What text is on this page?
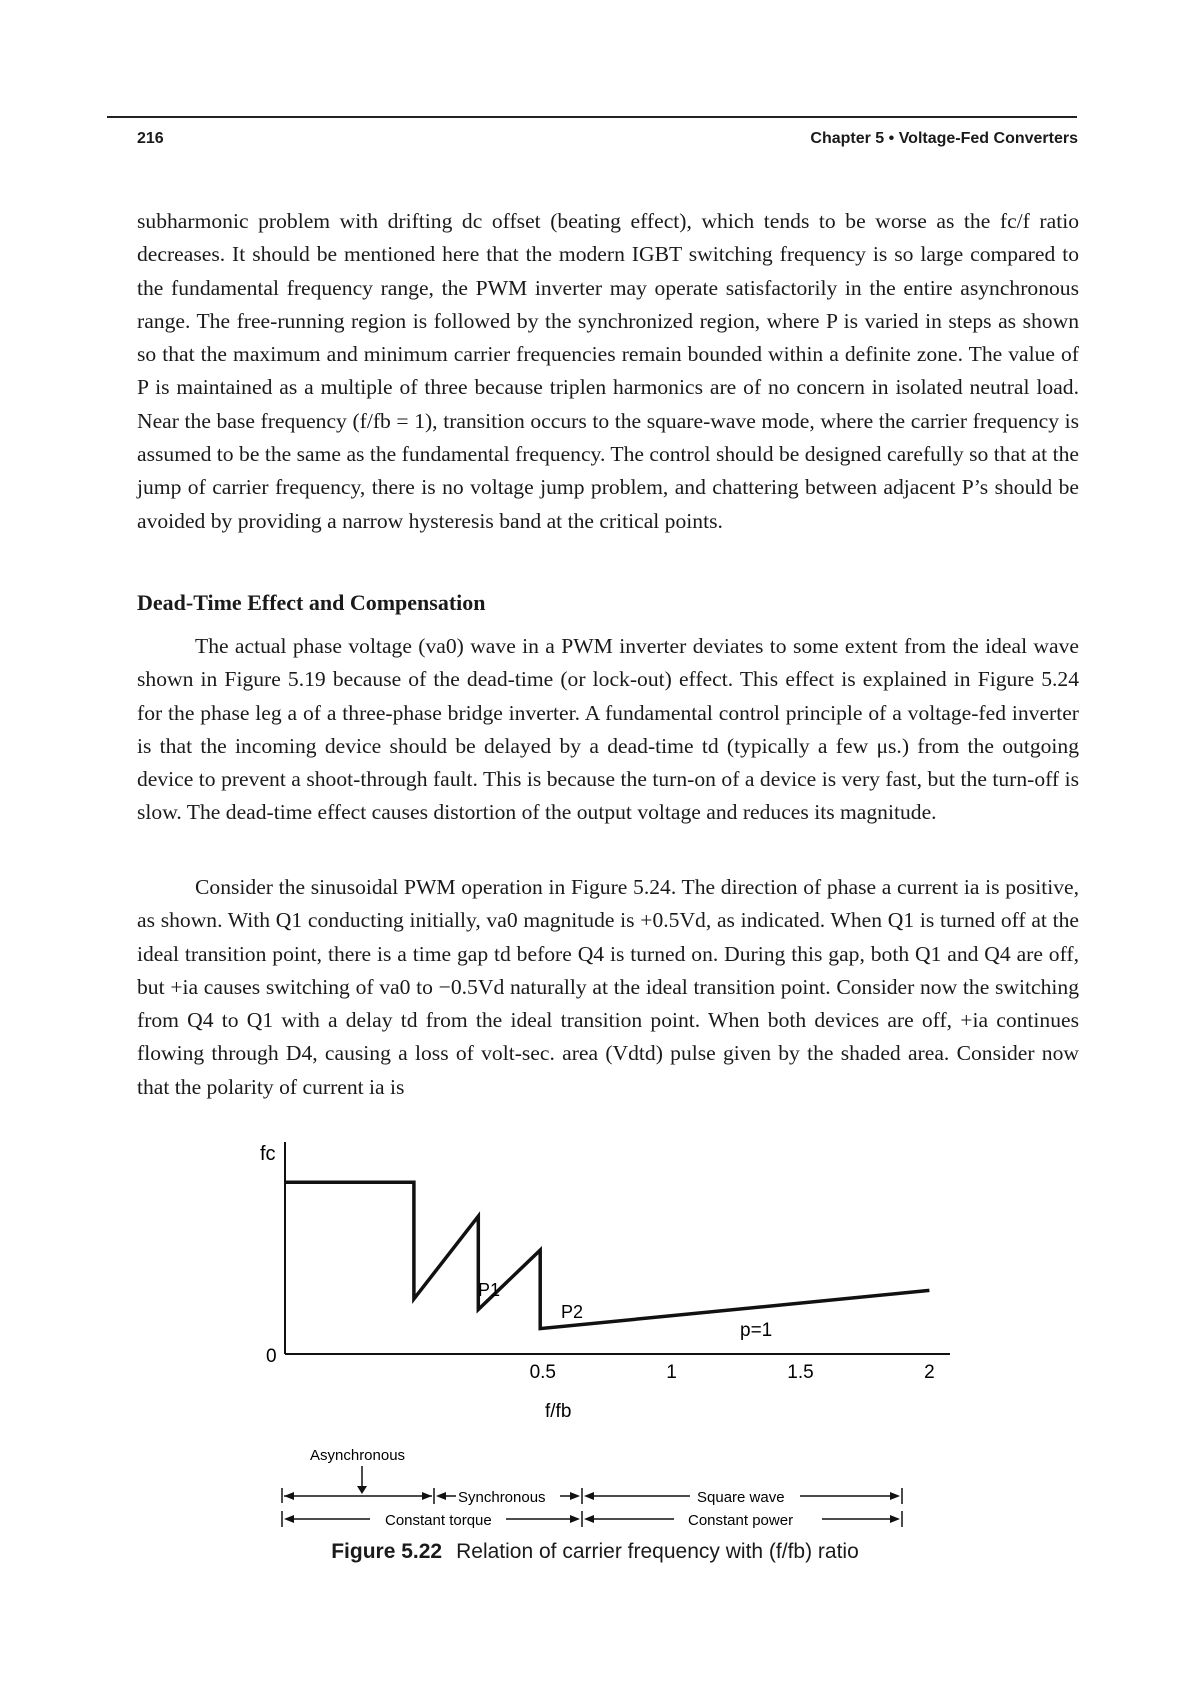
216	Chapter 5 • Voltage-Fed Converters

subharmonic problem with drifting dc offset (beating effect), which tends to be worse as the fc/f ratio decreases. It should be mentioned here that the modern IGBT switching frequency is so large compared to the fundamental frequency range, the PWM inverter may operate satisfactorily in the entire asynchronous range. The free-running region is followed by the synchronized region, where P is varied in steps as shown so that the maximum and minimum carrier frequencies remain bounded within a definite zone. The value of P is maintained as a multiple of three because triplen harmonics are of no concern in isolated neutral load. Near the base frequency (f/fb = 1), transition occurs to the square-wave mode, where the carrier frequency is assumed to be the same as the fundamental frequency. The control should be designed carefully so that at the jump of carrier frequency, there is no voltage jump problem, and chattering between adjacent P’s should be avoided by providing a narrow hysteresis band at the critical points.

Dead-Time Effect and Compensation

The actual phase voltage (va0) wave in a PWM inverter deviates to some extent from the ideal wave shown in Figure 5.19 because of the dead-time (or lock-out) effect. This effect is explained in Figure 5.24 for the phase leg a of a three-phase bridge inverter. A fundamental control principle of a voltage-fed inverter is that the incoming device should be delayed by a dead-time td (typically a few μs.) from the outgoing device to prevent a shoot-through fault. This is because the turn-on of a device is very fast, but the turn-off is slow. The dead-time effect causes distortion of the output voltage and reduces its magnitude.

Consider the sinusoidal PWM operation in Figure 5.24. The direction of phase a current ia is positive, as shown. With Q1 conducting initially, va0 magnitude is +0.5Vd, as indicated. When Q1 is turned off at the ideal transition point, there is a time gap td before Q4 is turned on. During this gap, both Q1 and Q4 are off, but +ia causes switching of va0 to −0.5Vd naturally at the ideal transition point. Consider now the switching from Q4 to Q1 with a delay td from the ideal transition point. When both devices are off, +ia continues flowing through D4, causing a loss of volt-sec. area (Vdtd) pulse given by the shaded area. Consider now that the polarity of current ia is

fc
0
0.5	1	1.5	2
f/fb
P1
P2
p=1
Asynchronous
Synchronous	Square wave
Constant torque	Constant power
Figure 5.22 Relation of carrier frequency with (f/fb) ratio
